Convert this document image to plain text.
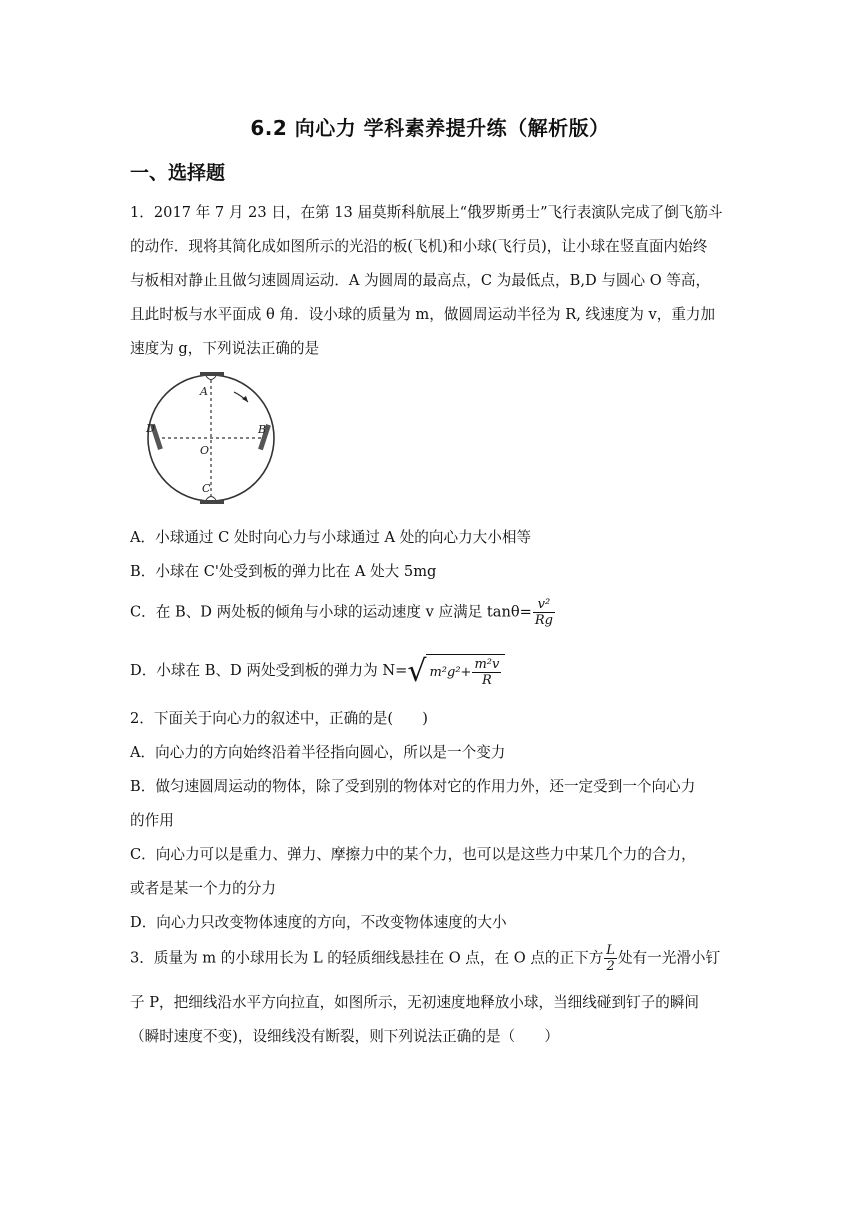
6.2 向心力 学科素养提升练（解析版）
一、选择题
1．2017 年 7 月 23 日，在第 13 届莫斯科航展上“俄罗斯勇士”飞行表演队完成了倒飞筋斗
的动作．现将其简化成如图所示的光沿的板(飞机)和小球(飞行员)，让小球在竖直面内始终
与板相对静止且做匀速圆周运动．A 为圆周的最高点，C 为最低点，B,D 与圆心 O 等高，
且此时板与水平面成 θ 角．设小球的质量为 m，做圆周运动半径为 R, 线速度为 v，重力加
速度为 g，下列说法正确的是
A
B
C
D
O
A．小球通过 C 处时向心力与小球通过 A 处的向心力大小相等
B．小球在 C'处受到板的弹力比在 A 处大 5mg
C．在 B、D 两处板的倾角与小球的运动速度 v 应满足 $\tan\theta= \frac{\text{v²}}{Rg}$
D．小球在 B、D 两处受到板的弹力为 N=√ $m^2g^2+ \frac{\text{m²v}}{R}$
2．下面关于向心力的叙述中，正确的是(　　)
A．向心力的方向始终沿着半径指向圆心，所以是一个变力
B．做匀速圆周运动的物体，除了受到别的物体对它的作用力外，还一定受到一个向心力
的作用
C．向心力可以是重力、弹力、摩擦力中的某个力，也可以是这些力中某几个力的合力，
或者是某一个力的分力
D．向心力只改变物体速度的方向，不改变物体速度的大小
3．质量为 m 的小球用长为 L 的轻质细线悬挂在 O 点，在 O 点的正下方 $\frac{L}{2}$ 处有一光滑小钉
子 P，把细线沿水平方向拉直，如图所示，无初速度地释放小球，当细线碰到钉子的瞬间
（瞬时速度不变)，设细线没有断裂，则下列说法正确的是（　　）
